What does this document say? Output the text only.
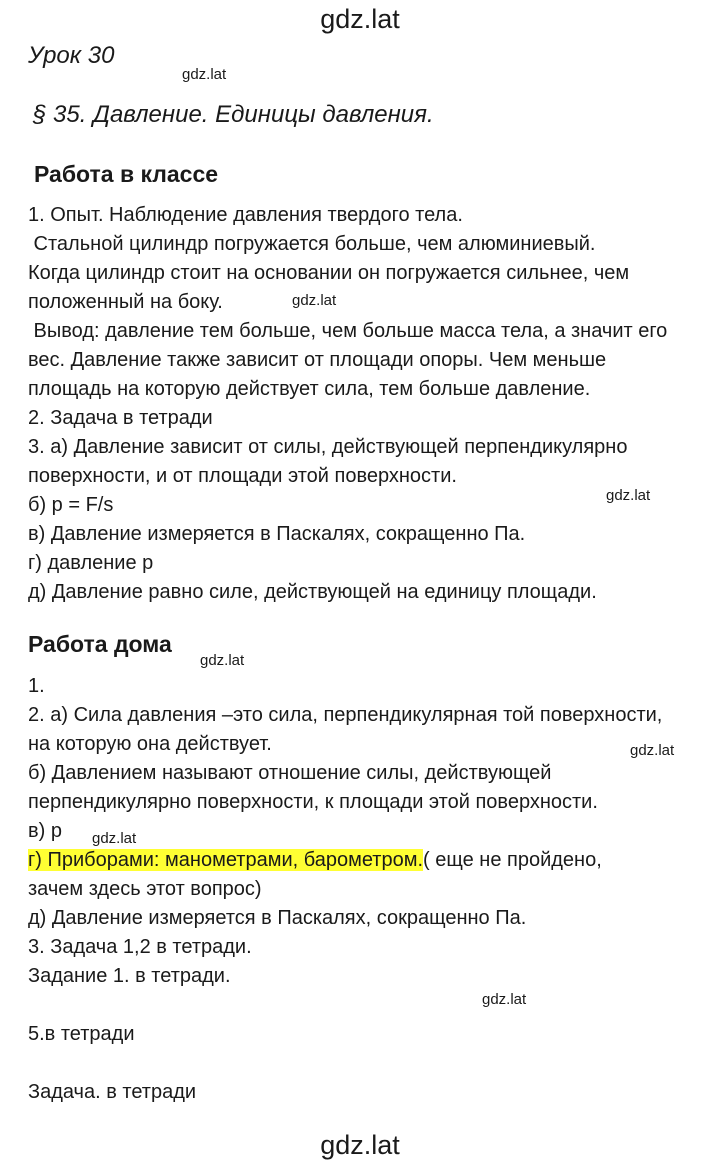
gdz.lat
Урок 30
gdz.lat
§ 35. Давление. Единицы давления.
Работа в классе
1. Опыт. Наблюдение давления твердого тела.
Стальной цилиндр погружается больше, чем алюминиевый.
Когда цилиндр стоит на основании он погружается сильнее, чем
положенный на боку.	gdz.lat
Вывод: давление тем больше, чем больше масса тела, а значит его
вес. Давление также зависит от площади опоры. Чем меньше
площадь на которую действует сила, тем больше давление.
2. Задача в тетради
3. а) Давление зависит от силы, действующей перпендикулярно
поверхности, и от площади этой поверхности.
gdz.lat
б) p = F/s
в) Давление измеряется в Паскалях, сокращенно Па.
г) давление p
д) Давление равно силе, действующей на единицу площади.
Работа дома
gdz.lat
1.
2. а) Сила давления –это сила, перпендикулярная той поверхности,
на которую она действует.	gdz.lat
б) Давлением называют отношение силы, действующей
перпендикулярно поверхности, к площади этой поверхности.
в) p gdz.lat
г) Приборами: манометрами, барометром.( еще не пройдено,
зачем здесь этот вопрос)
д) Давление измеряется в Паскалях, сокращенно Па.
3. Задача 1,2 в тетради.
Задание 1. в тетради.
gdz.lat
5.в тетради
Задача. в тетради
gdz.lat
